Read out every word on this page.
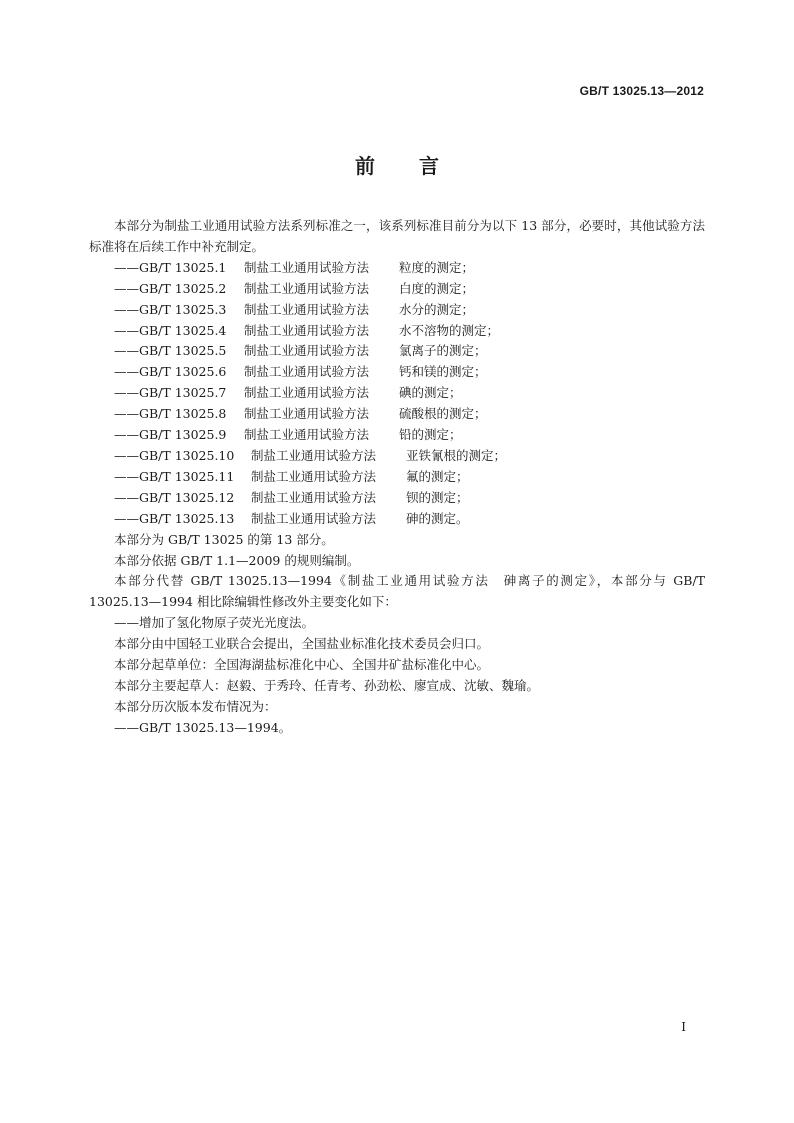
GB/T 13025.13—2012
前言

本部分为制盐工业通用试验方法系列标准之一，该系列标准目前分为以下 13 部分，必要时，其他试验方法标准将在后续工作中补充制定。

——GB/T 13025.1 制盐工业通用试验方法 粒度的测定；
——GB/T 13025.2 制盐工业通用试验方法 白度的测定；
——GB/T 13025.3 制盐工业通用试验方法 水分的测定；
——GB/T 13025.4 制盐工业通用试验方法 水不溶物的测定；
——GB/T 13025.5 制盐工业通用试验方法 氯离子的测定；
——GB/T 13025.6 制盐工业通用试验方法 钙和镁的测定；
——GB/T 13025.7 制盐工业通用试验方法 碘的测定；
——GB/T 13025.8 制盐工业通用试验方法 硫酸根的测定；
——GB/T 13025.9 制盐工业通用试验方法 铅的测定；
——GB/T 13025.10 制盐工业通用试验方法 亚铁氰根的测定；
——GB/T 13025.11 制盐工业通用试验方法 氟的测定；
——GB/T 13025.12 制盐工业通用试验方法 钡的测定；
——GB/T 13025.13 制盐工业通用试验方法 砷的测定。

本部分为 GB/T 13025 的第 13 部分。

本部分依据 GB/T 1.1—2009 的规则编制。

本部分代替 GB/T 13025.13—1994《制盐工业通用试验方法　砷离子的测定》，本部分与 GB/T 13025.13—1994 相比除编辑性修改外主要变化如下：

——增加了氢化物原子荧光光度法。

本部分由中国轻工业联合会提出，全国盐业标准化技术委员会归口。

本部分起草单位：全国海湖盐标准化中心、全国井矿盐标准化中心。

本部分主要起草人：赵毅、于秀玲、任青考、孙劲松、廖宣成、沈敏、魏瑜。

本部分历次版本发布情况为：

——GB/T 13025.13—1994。

I
